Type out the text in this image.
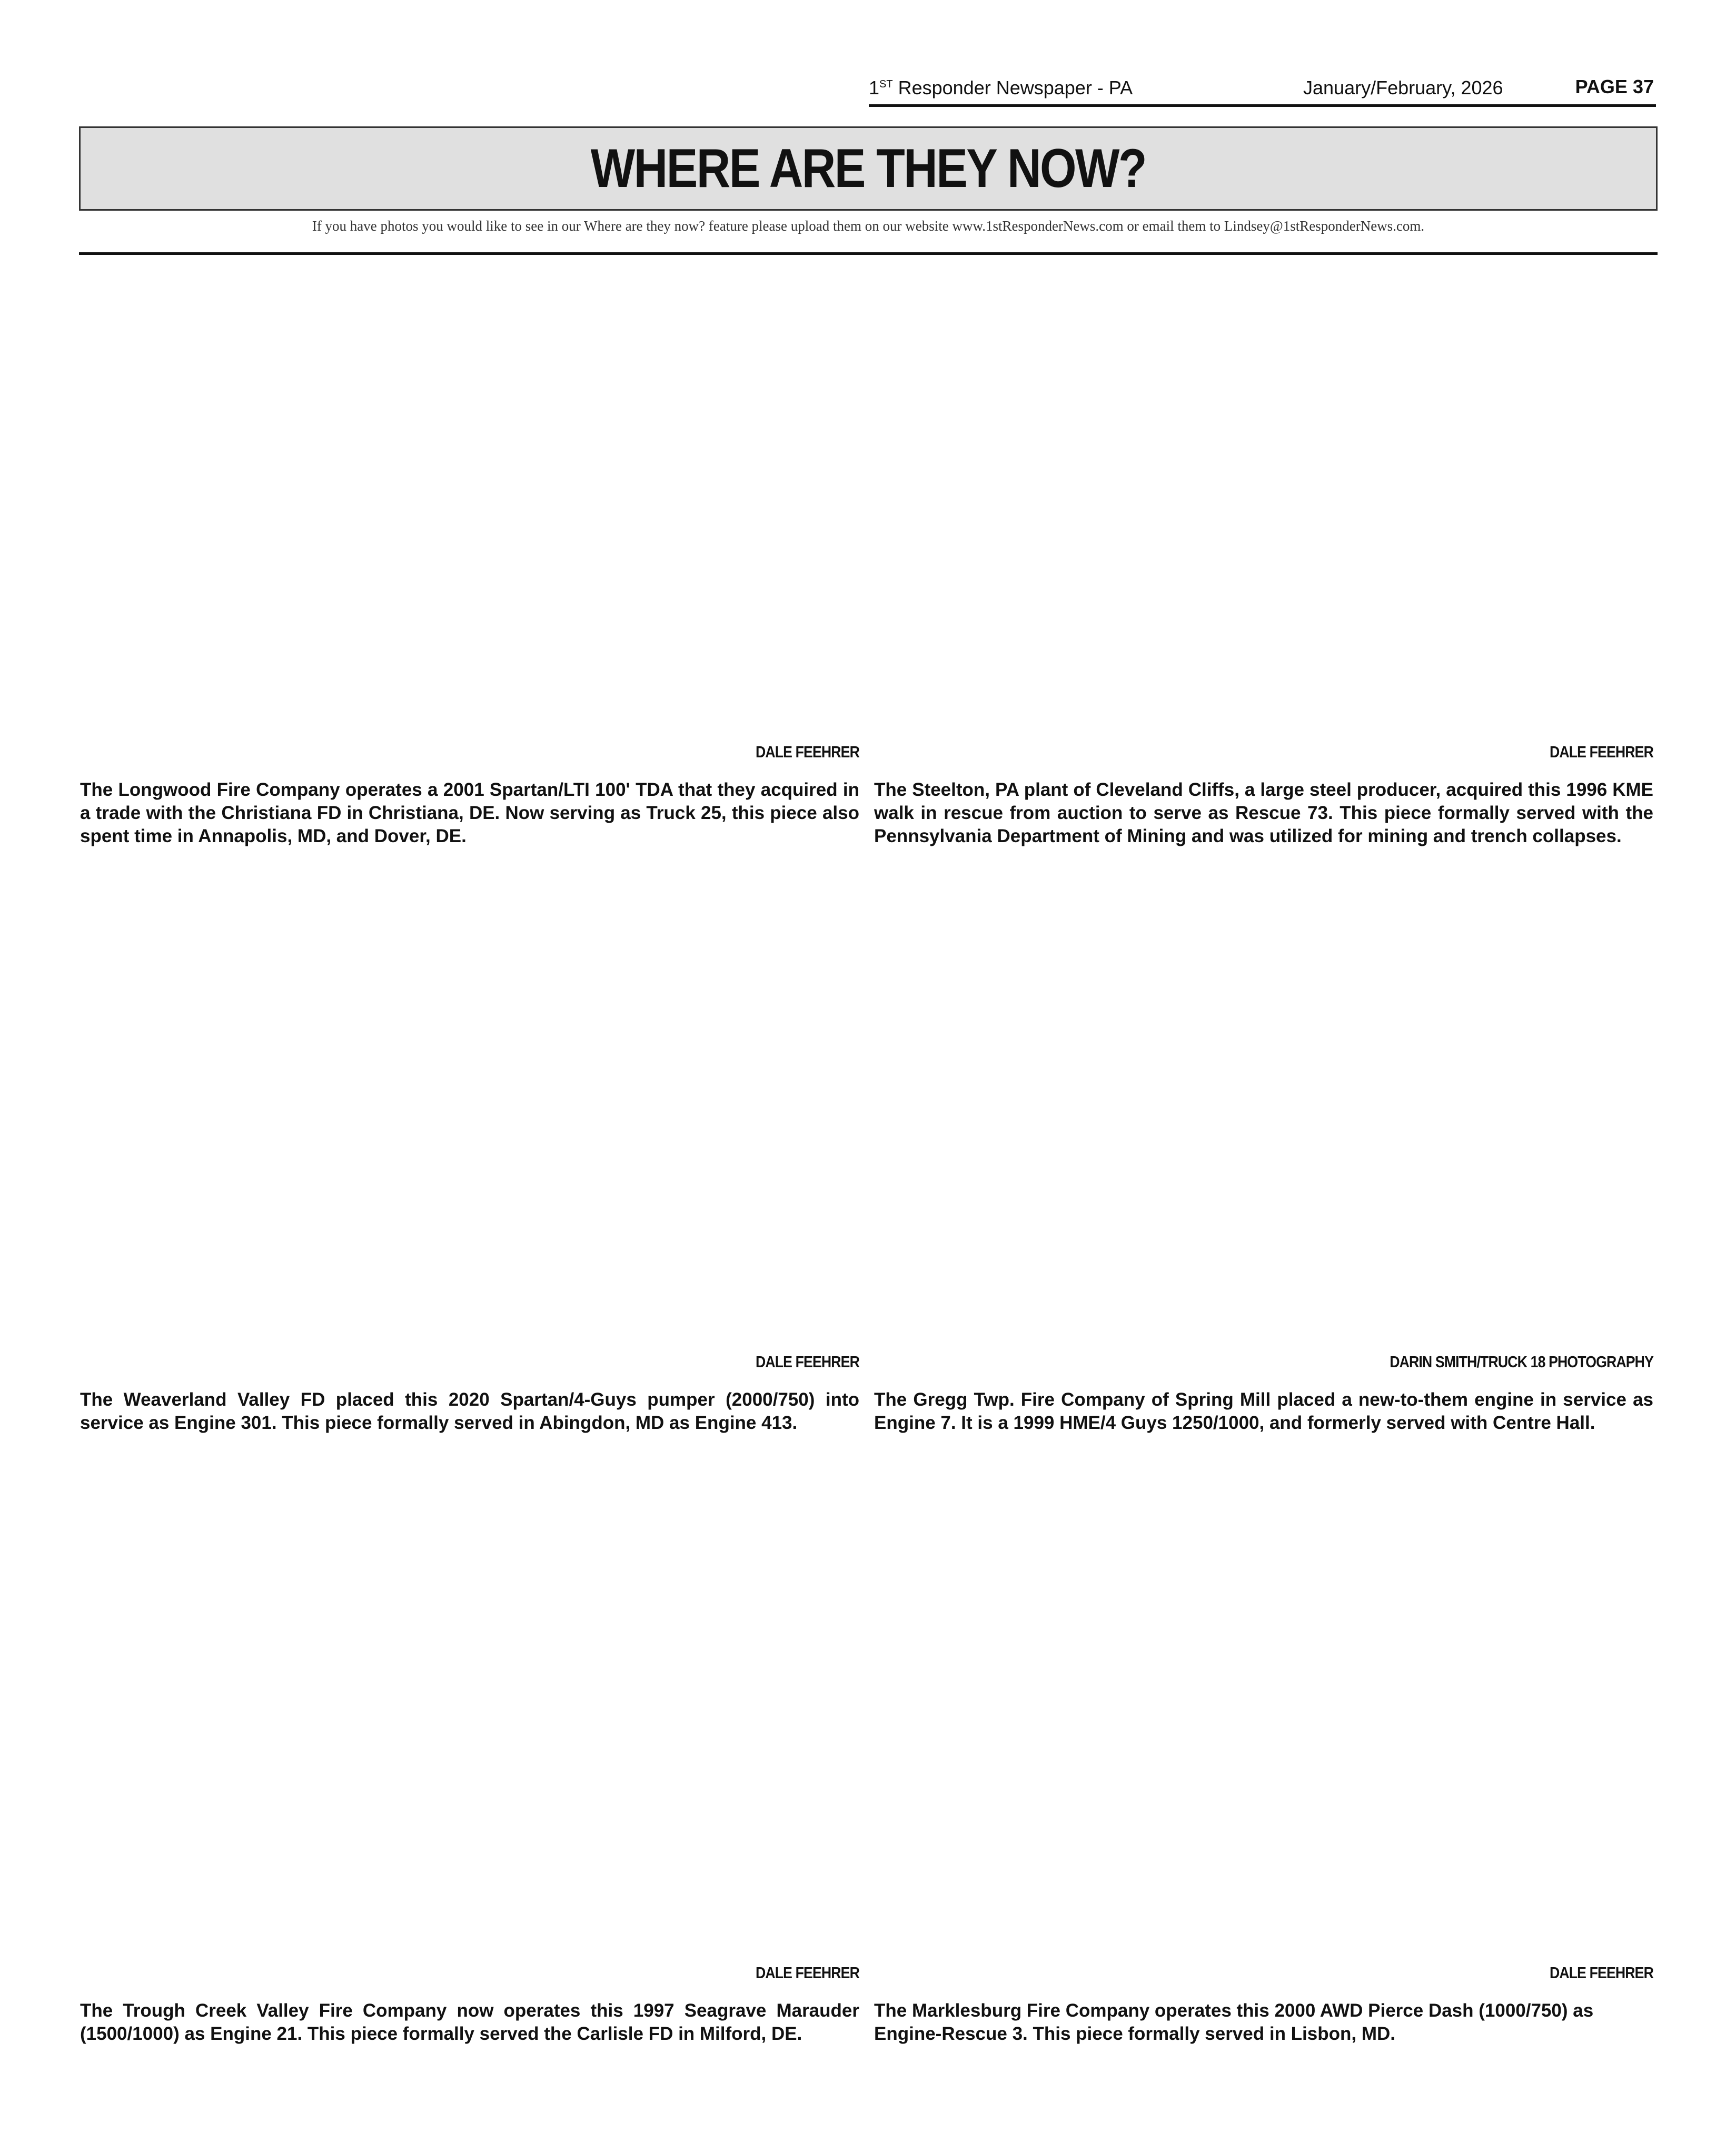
1ST Responder Newspaper - PA	January/February, 2026	PAGE 37
WHERE ARE THEY NOW?
If you have photos you would like to see in our Where are they now? feature please upload them on our website www.1stResponderNews.com or email them to Lindsey@1stResponderNews.com.
DALE FEEHRER
The Longwood Fire Company operates a 2001 Spartan/LTI 100' TDA that they acquired in a trade with the Christiana FD in Christiana, DE. Now serving as Truck 25, this piece also spent time in Annapolis, MD, and Dover, DE.
DALE FEEHRER
The Steelton, PA plant of Cleveland Cliffs, a large steel producer, acquired this 1996 KME walk in rescue from auction to serve as Rescue 73. This piece formally served with the Pennsylvania Department of Mining and was utilized for mining and trench collapses.
DALE FEEHRER
The Weaverland Valley FD placed this 2020 Spartan/4-Guys pumper (2000/750) into service as Engine 301. This piece formally served in Abingdon, MD as Engine 413.
DARIN SMITH/TRUCK 18 PHOTOGRAPHY
The Gregg Twp. Fire Company of Spring Mill placed a new-to-them engine in service as Engine 7. It is a 1999 HME/4 Guys 1250/1000, and formerly served with Centre Hall.
DALE FEEHRER
The Trough Creek Valley Fire Company now operates this 1997 Seagrave Marauder (1500/1000) as Engine 21. This piece formally served the Carlisle FD in Milford, DE.
DALE FEEHRER
The Marklesburg Fire Company operates this 2000 AWD Pierce Dash (1000/750) as Engine-Rescue 3. This piece formally served in Lisbon, MD.
